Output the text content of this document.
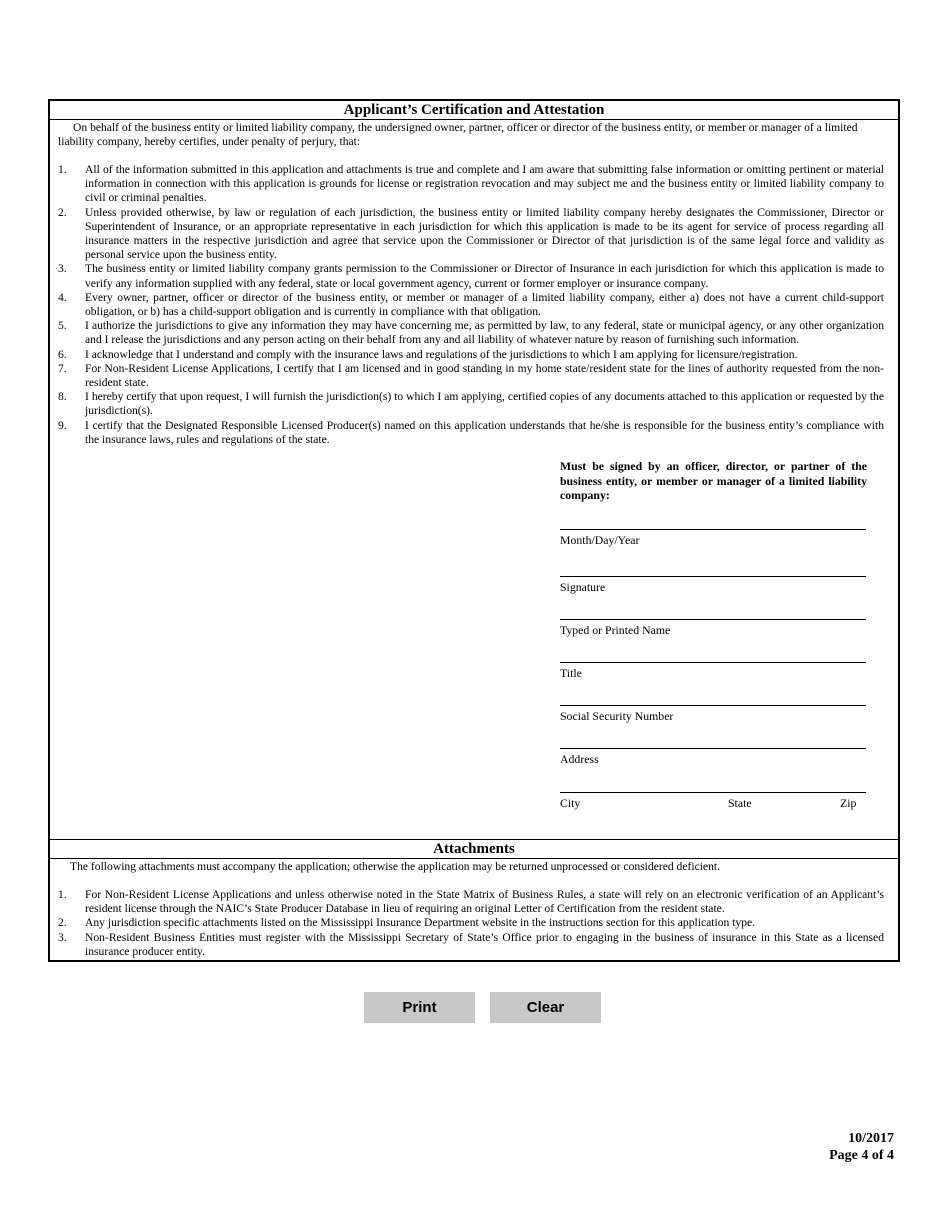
Applicant’s Certification and Attestation
On behalf of the business entity or limited liability company, the undersigned owner, partner, officer or director of the business entity, or member or manager of a limited liability company, hereby certifies, under penalty of perjury, that:
1. All of the information submitted in this application and attachments is true and complete and I am aware that submitting false information or omitting pertinent or material information in connection with this application is grounds for license or registration revocation and may subject me and the business entity or limited liability company to civil or criminal penalties.
2. Unless provided otherwise, by law or regulation of each jurisdiction, the business entity or limited liability company hereby designates the Commissioner, Director or Superintendent of Insurance, or an appropriate representative in each jurisdiction for which this application is made to be its agent for service of process regarding all insurance matters in the respective jurisdiction and agree that service upon the Commissioner or Director of that jurisdiction is of the same legal force and validity as personal service upon the business entity.
3. The business entity or limited liability company grants permission to the Commissioner or Director of Insurance in each jurisdiction for which this application is made to verify any information supplied with any federal, state or local government agency, current or former employer or insurance company.
4. Every owner, partner, officer or director of the business entity, or member or manager of a limited liability company, either a) does not have a current child-support obligation, or b) has a child-support obligation and is currently in compliance with that obligation.
5. I authorize the jurisdictions to give any information they may have concerning me, as permitted by law, to any federal, state or municipal agency, or any other organization and I release the jurisdictions and any person acting on their behalf from any and all liability of whatever nature by reason of furnishing such information.
6. I acknowledge that I understand and comply with the insurance laws and regulations of the jurisdictions to which I am applying for licensure/registration.
7. For Non-Resident License Applications, I certify that I am licensed and in good standing in my home state/resident state for the lines of authority requested from the non-resident state.
8. I hereby certify that upon request, I will furnish the jurisdiction(s) to which I am applying, certified copies of any documents attached to this application or requested by the jurisdiction(s).
9. I certify that the Designated Responsible Licensed Producer(s) named on this application understands that he/she is responsible for the business entity’s compliance with the insurance laws, rules and regulations of the state.
Must be signed by an officer, director, or partner of the business entity, or member or manager of a limited liability company:
Month/Day/Year
Signature
Typed or Printed Name
Title
Social Security Number
Address
City	State	Zip
Attachments
The following attachments must accompany the application; otherwise the application may be returned unprocessed or considered deficient.
1. For Non-Resident License Applications and unless otherwise noted in the State Matrix of Business Rules, a state will rely on an electronic verification of an Applicant’s resident license through the NAIC’s State Producer Database in lieu of requiring an original Letter of Certification from the resident state.
2. Any jurisdiction specific attachments listed on the Mississippi Insurance Department website in the instructions section for this application type.
3. Non-Resident Business Entities must register with the Mississippi Secretary of State’s Office prior to engaging in the business of insurance in this State as a licensed insurance producer entity.
Print	Clear
10/2017
Page 4 of 4
